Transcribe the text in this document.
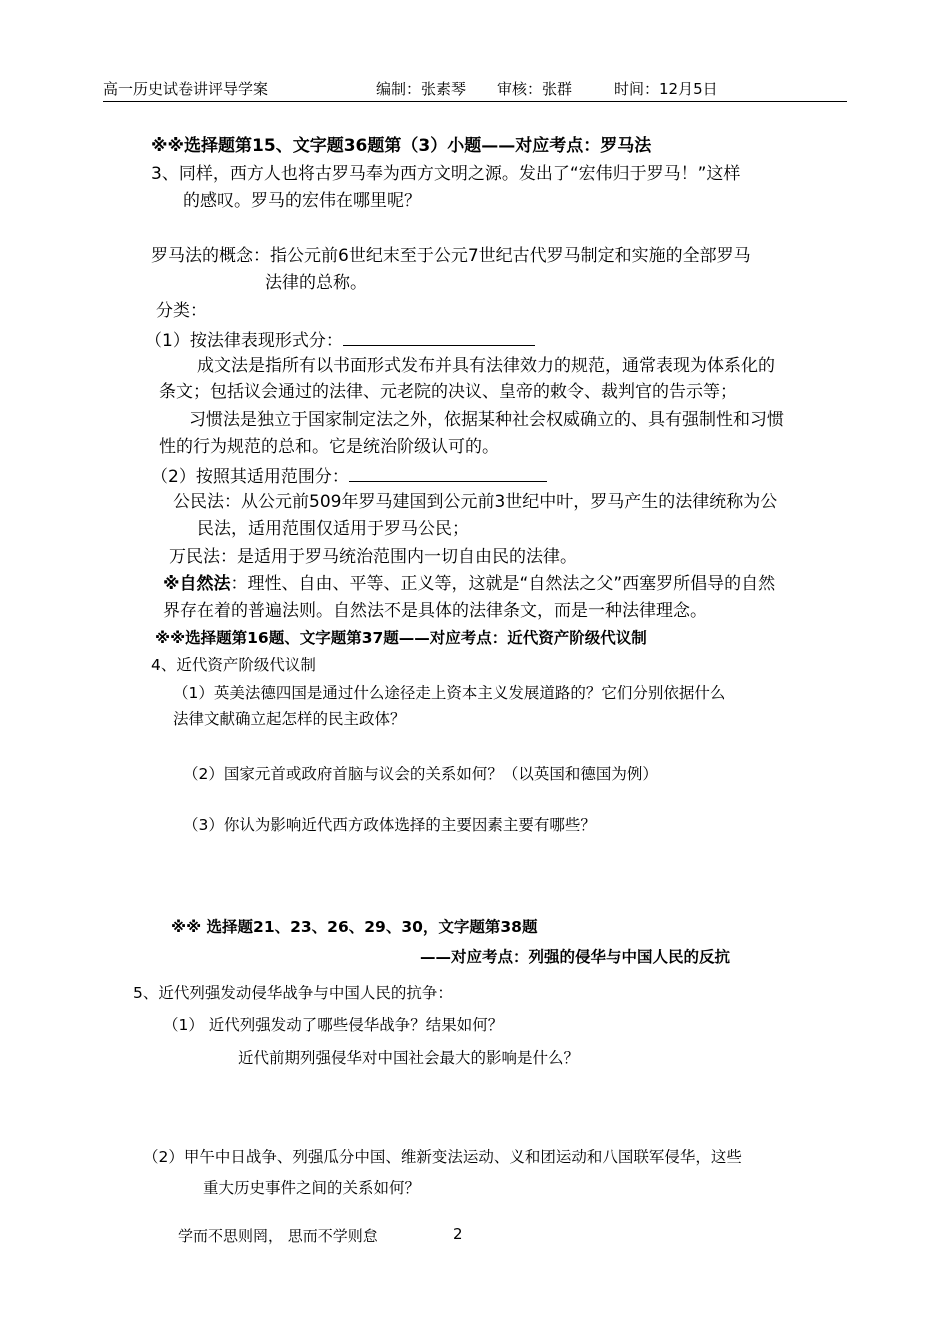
高一历史试卷讲评导学案	编制：张素琴 审核：张群	时间：12月5日
※※选择题第15、文字题36题第（3）小题——对应考点：罗马法
3、同样，西方人也将古罗马奉为西方文明之源。发出了“宏伟归于罗马！”这样
的感叹。罗马的宏伟在哪里呢？
罗马法的概念：指公元前6世纪末至于公元7世纪古代罗马制定和实施的全部罗马
法律的总称。
分类：
（1）按法律表现形式分：
成文法是指所有以书面形式发布并具有法律效力的规范，通常表现为体系化的
条文；包括议会通过的法律、元老院的决议、皇帝的敕令、裁判官的告示等；
习惯法是独立于国家制定法之外，依据某种社会权威确立的、具有强制性和习惯
性的行为规范的总和。它是统治阶级认可的。
（2）按照其适用范围分：
公民法：从公元前509年罗马建国到公元前3世纪中叶，罗马产生的法律统称为公
民法，适用范围仅适用于罗马公民；
万民法：是适用于罗马统治范围内一切自由民的法律。
※自然法：理性、自由、平等、正义等，这就是“自然法之父”西塞罗所倡导的自然
界存在着的普遍法则。自然法不是具体的法律条文，而是一种法律理念。
※※选择题第16题、文字题第37题——对应考点：近代资产阶级代议制
4、近代资产阶级代议制
（1）英美法德四国是通过什么途径走上资本主义发展道路的？它们分别依据什么
法律文献确立起怎样的民主政体？
（2）国家元首或政府首脑与议会的关系如何？（以英国和德国为例）
（3）你认为影响近代西方政体选择的主要因素主要有哪些？
※※ 选择题21、23、26、29、30，文字题第38题
——对应考点：列强的侵华与中国人民的反抗
5、近代列强发动侵华战争与中国人民的抗争：
（1） 近代列强发动了哪些侵华战争？结果如何？
近代前期列强侵华对中国社会最大的影响是什么？
（2）甲午中日战争、列强瓜分中国、维新变法运动、义和团运动和八国联军侵华，这些
重大历史事件之间的关系如何？
学而不思则罔， 思而不学则怠	2
